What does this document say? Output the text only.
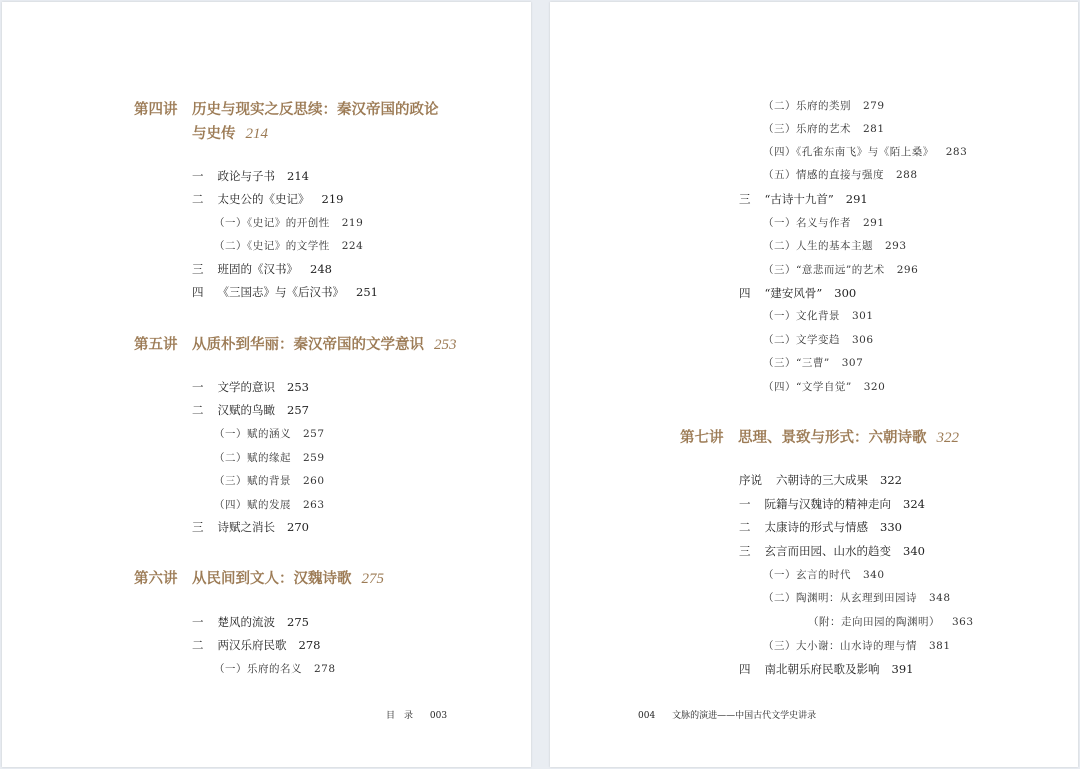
第四讲　历史与现实之反思续：秦汉帝国的政论
与史传 214
一 政论与子书 214
二 太史公的《史记》 219
（一）《史记》的开创性 219
（二）《史记》的文学性 224
三 班固的《汉书》 248
四 《三国志》与《后汉书》 251
第五讲　从质朴到华丽：秦汉帝国的文学意识 253
一 文学的意识 253
二 汉赋的鸟瞰 257
（一）赋的涵义 257
（二）赋的缘起 259
（三）赋的背景 260
（四）赋的发展 263
三 诗赋之消长 270
第六讲　从民间到文人：汉魏诗歌 275
一 楚风的流波 275
二 两汉乐府民歌 278
（一）乐府的名义 278
目　录 003
（二）乐府的类别 279
（三）乐府的艺术 281
（四）《孔雀东南飞》与《陌上桑》 283
（五）情感的直接与强度 288
三 “古诗十九首” 291
（一）名义与作者 291
（二）人生的基本主题 293
（三）“意悲而远”的艺术 296
四 “建安风骨” 300
（一）文化背景 301
（二）文学变趋 306
（三）“三曹” 307
（四）“文学自觉” 320
第七讲　思理、景致与形式：六朝诗歌 322
序说 六朝诗的三大成果 322
一 阮籍与汉魏诗的精神走向 324
二 太康诗的形式与情感 330
三 玄言而田园、山水的趋变 340
（一）玄言的时代 340
（二）陶渊明：从玄理到田园诗 348
（附：走向田园的陶渊明） 363
（三）大小谢：山水诗的理与情 381
四 南北朝乐府民歌及影响 391
004 文脉的演进——中国古代文学史讲录
